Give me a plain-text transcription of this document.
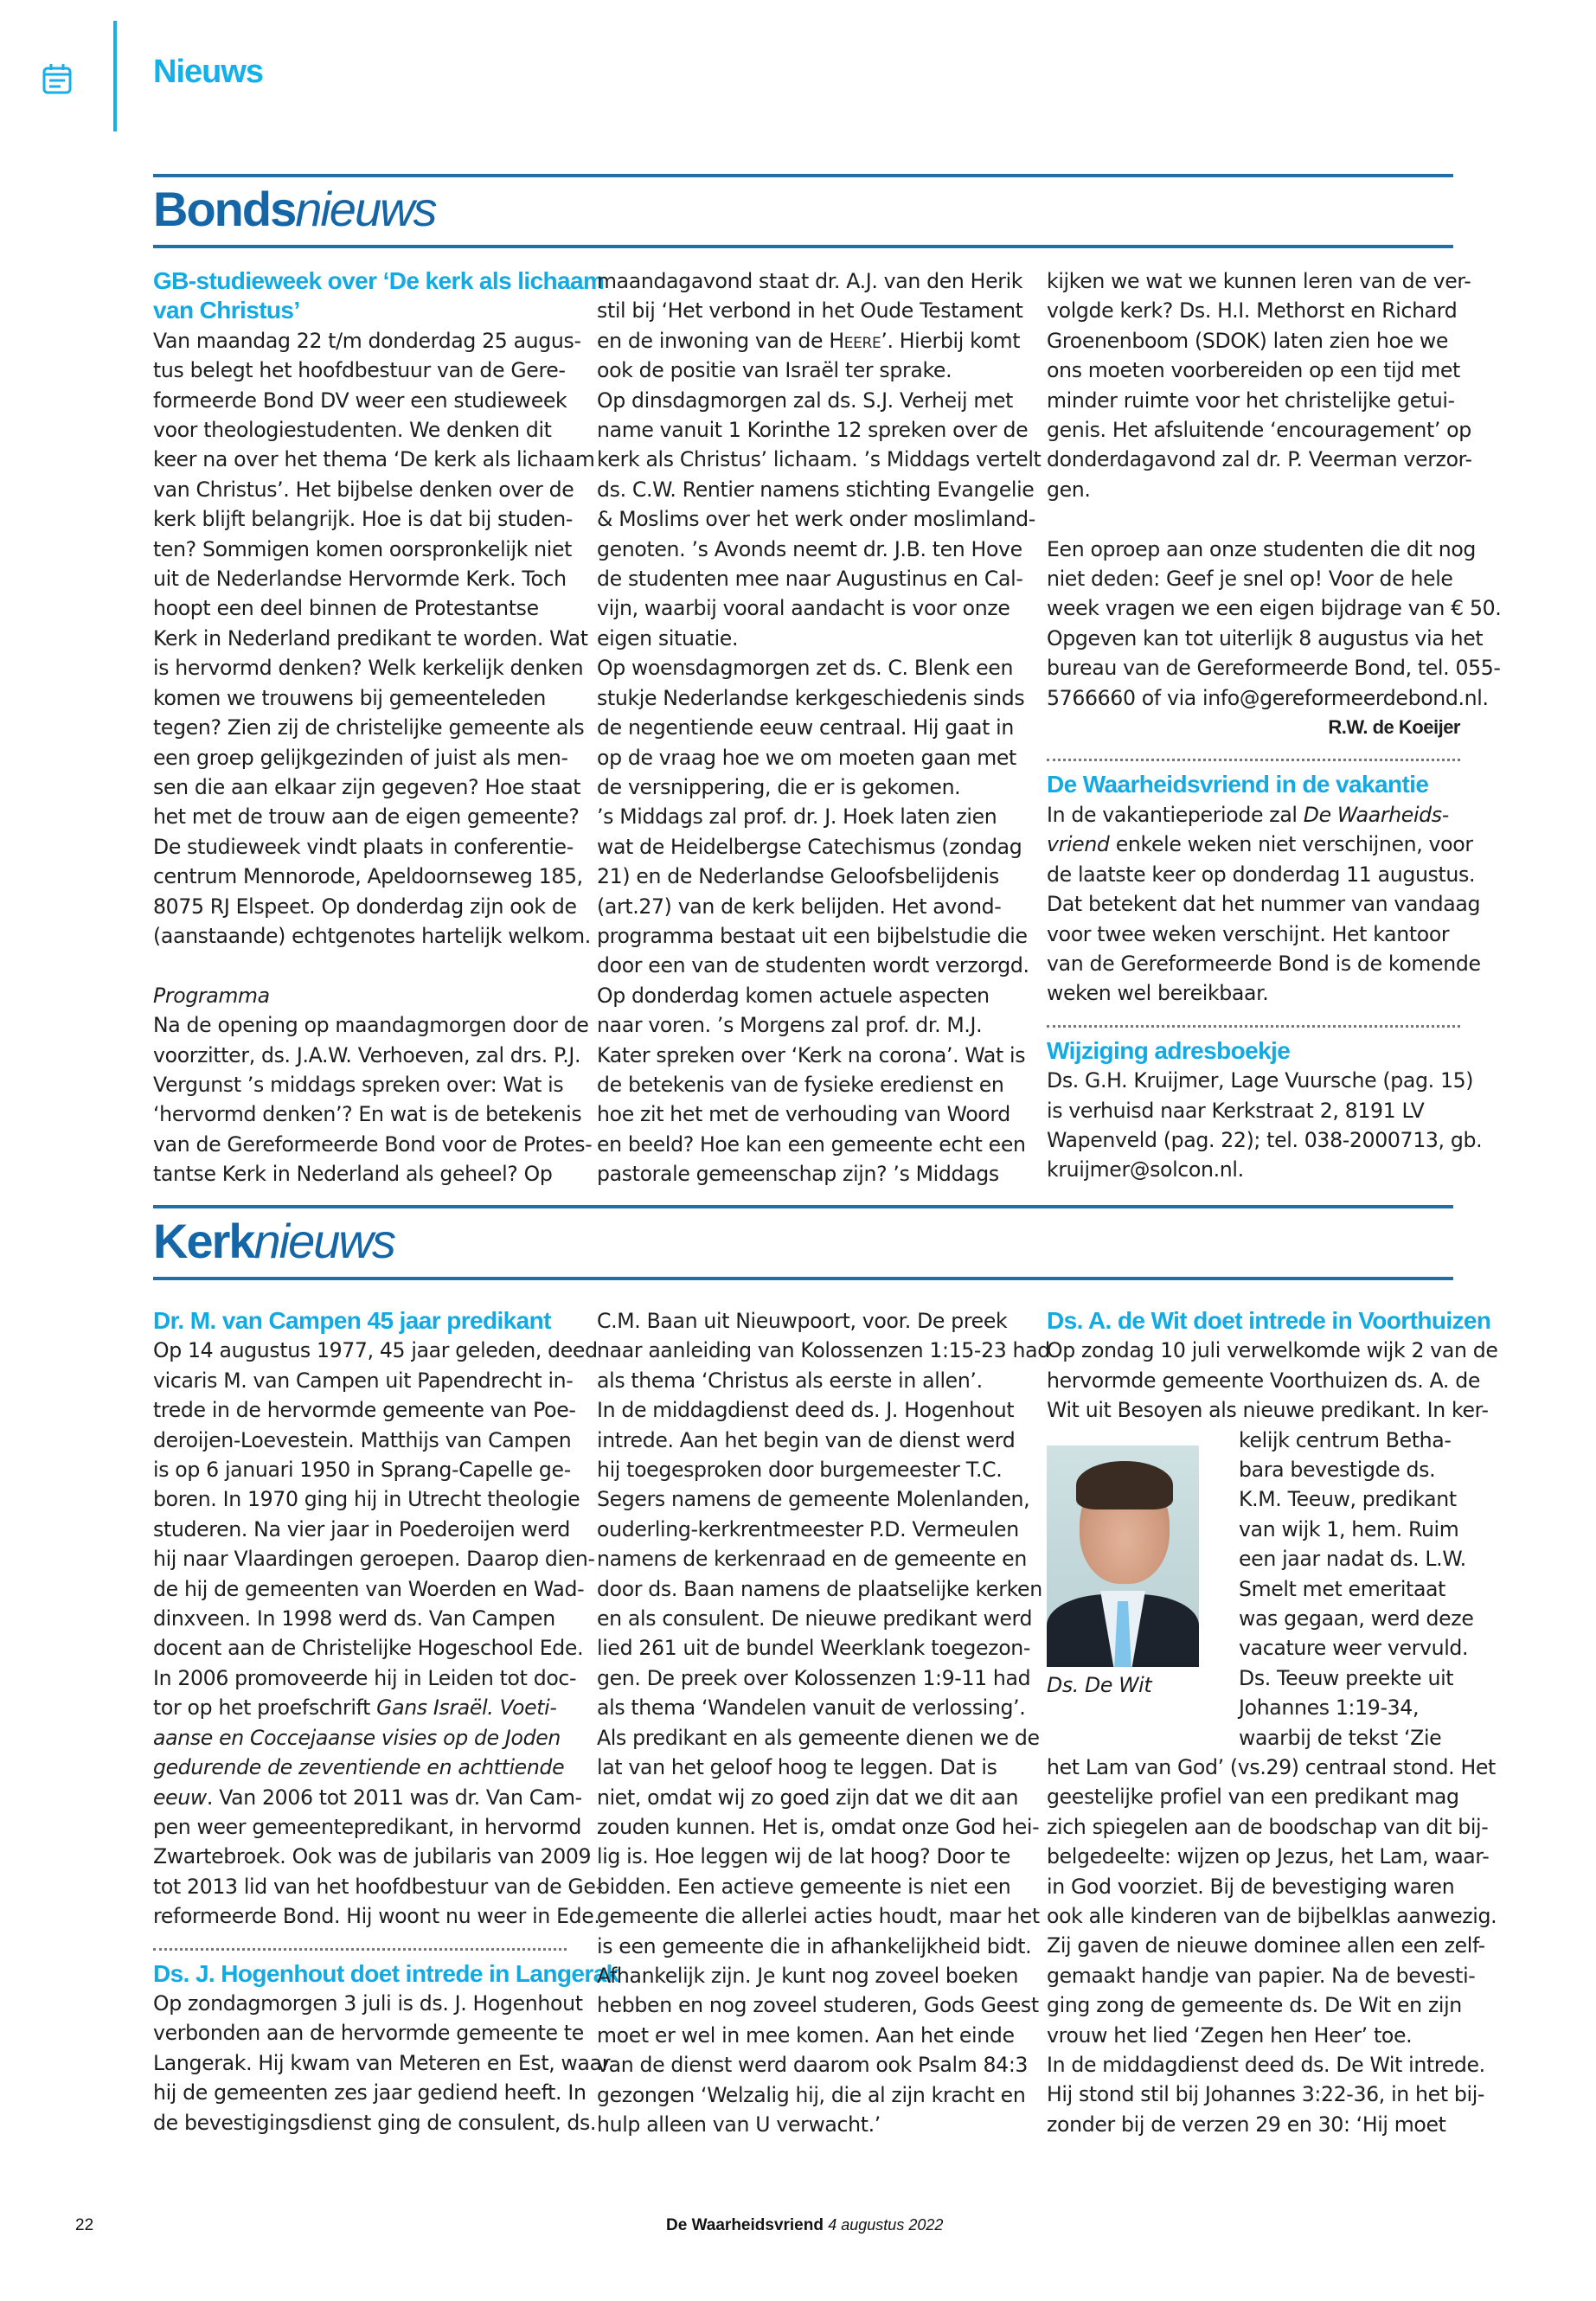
Nieuws
Bondsnieuws

GB-studieweek over ‘De kerk als lichaam

van Christus’

Van maandag 22 t/m donderdag 25 augus-

tus belegt het hoofdbestuur van de Gere-

formeerde Bond DV weer een studieweek

voor theologiestudenten. We denken dit

keer na over het thema ‘De kerk als lichaam

van Christus’. Het bijbelse denken over de

kerk blijft belangrijk. Hoe is dat bij studen-

ten? Sommigen komen oorspronkelijk niet

uit de Nederlandse Hervormde Kerk. Toch

hoopt een deel binnen de Protestantse

Kerk in Nederland predikant te worden. Wat

is hervormd denken? Welk kerkelijk denken

komen we trouwens bij gemeenteleden

tegen? Zien zij de christelijke gemeente als

een groep gelijkgezinden of juist als men-

sen die aan elkaar zijn gegeven? Hoe staat

het met de trouw aan de eigen gemeente?

De studieweek vindt plaats in conferentie-

centrum Mennorode, Apeldoornseweg 185,

8075 RJ Elspeet. Op donderdag zijn ook de

(aanstaande) echtgenotes hartelijk welkom.

Programma

Na de opening op maandagmorgen door de

voorzitter, ds. J.A.W. Verhoeven, zal drs. P.J.

Vergunst ’s middags spreken over: Wat is

‘hervormd denken’? En wat is de betekenis

van de Gereformeerde Bond voor de Protes-

tantse Kerk in Nederland als geheel? Op

maandagavond staat dr. A.J. van den Herik

stil bij ‘Het verbond in het Oude Testament

en de inwoning van de Heere’. Hierbij komt

ook de positie van Israël ter sprake.

Op dinsdagmorgen zal ds. S.J. Verheij met

name vanuit 1 Korinthe 12 spreken over de

kerk als Christus’ lichaam. ’s Middags vertelt

ds. C.W. Rentier namens stichting Evangelie

& Moslims over het werk onder moslimland-

genoten. ’s Avonds neemt dr. J.B. ten Hove

de studenten mee naar Augustinus en Cal-

vijn, waarbij vooral aandacht is voor onze

eigen situatie.

Op woensdagmorgen zet ds. C. Blenk een

stukje Nederlandse kerkgeschiedenis sinds

de negentiende eeuw centraal. Hij gaat in

op de vraag hoe we om moeten gaan met

de versnippering, die er is gekomen.

’s Middags zal prof. dr. J. Hoek laten zien

wat de Heidelbergse Catechismus (zondag

21) en de Nederlandse Geloofsbelijdenis

(art.27) van de kerk belijden. Het avond-

programma bestaat uit een bijbelstudie die

door een van de studenten wordt verzorgd.

Op donderdag komen actuele aspecten

naar voren. ’s Morgens zal prof. dr. M.J.

Kater spreken over ‘Kerk na corona’. Wat is

de betekenis van de fysieke eredienst en

hoe zit het met de verhouding van Woord

en beeld? Hoe kan een gemeente echt een

pastorale gemeenschap zijn? ’s Middags

kijken we wat we kunnen leren van de ver-

volgde kerk? Ds. H.I. Methorst en Richard

Groenenboom (SDOK) laten zien hoe we

ons moeten voorbereiden op een tijd met

minder ruimte voor het christelijke getui-

genis. Het afsluitende ‘encouragement’ op

donderdagavond zal dr. P. Veerman verzor-

gen.

Een oproep aan onze studenten die dit nog

niet deden: Geef je snel op! Voor de hele

week vragen we een eigen bijdrage van € 50.

Opgeven kan tot uiterlijk 8 augustus via het

bureau van de Gereformeerde Bond, tel. 055-

5766660 of via info@gereformeerdebond.nl.

R.W. de Koeijer

De Waarheidsvriend in de vakantie

In de vakantieperiode zal De Waarheids-

vriend enkele weken niet verschijnen, voor

de laatste keer op donderdag 11 augustus.

Dat betekent dat het nummer van vandaag

voor twee weken verschijnt. Het kantoor

van de Gereformeerde Bond is de komende

weken wel bereikbaar.

Wijziging adresboekje

Ds. G.H. Kruijmer, Lage Vuursche (pag. 15)

is verhuisd naar Kerkstraat 2, 8191 LV

Wapenveld (pag. 22); tel. 038-2000713, gb.

kruijmer@solcon.nl.

Kerknieuws

Dr. M. van Campen 45 jaar predikant

Op 14 augustus 1977, 45 jaar geleden, deed

vicaris M. van Campen uit Papendrecht in-

trede in de hervormde gemeente van Poe-

deroijen-Loevestein. Matthijs van Campen

is op 6 januari 1950 in Sprang-Capelle ge-

boren. In 1970 ging hij in Utrecht theologie

studeren. Na vier jaar in Poederoijen werd

hij naar Vlaardingen geroepen. Daarop dien-

de hij de gemeenten van Woerden en Wad-

dinxveen. In 1998 werd ds. Van Campen

docent aan de Christelijke Hogeschool Ede.

In 2006 promoveerde hij in Leiden tot doc-

tor op het proefschrift Gans Israël. Voeti-

aanse en Coccejaanse visies op de Joden

gedurende de zeventiende en achttiende

eeuw. Van 2006 tot 2011 was dr. Van Cam-

pen weer gemeentepredikant, in hervormd

Zwartebroek. Ook was de jubilaris van 2009

tot 2013 lid van het hoofdbestuur van de Ge-

reformeerde Bond. Hij woont nu weer in Ede.

Ds. J. Hogenhout doet intrede in Langerak

Op zondagmorgen 3 juli is ds. J. Hogenhout

verbonden aan de hervormde gemeente te

Langerak. Hij kwam van Meteren en Est, waar

hij de gemeenten zes jaar gediend heeft. In

de bevestigingsdienst ging de consulent, ds.

C.M. Baan uit Nieuwpoort, voor. De preek

naar aanleiding van Kolossenzen 1:15-23 had

als thema ‘Christus als eerste in allen’.

In de middagdienst deed ds. J. Hogenhout

intrede. Aan het begin van de dienst werd

hij toegesproken door burgemeester T.C.

Segers namens de gemeente Molenlanden,

ouderling-kerkrentmeester P.D. Vermeulen

namens de kerkenraad en de gemeente en

door ds. Baan namens de plaatselijke kerken

en als consulent. De nieuwe predikant werd

lied 261 uit de bundel Weerklank toegezon-

gen. De preek over Kolossenzen 1:9-11 had

als thema ‘Wandelen vanuit de verlossing’.

Als predikant en als gemeente dienen we de

lat van het geloof hoog te leggen. Dat is

niet, omdat wij zo goed zijn dat we dit aan

zouden kunnen. Het is, omdat onze God hei-

lig is. Hoe leggen wij de lat hoog? Door te

bidden. Een actieve gemeente is niet een

gemeente die allerlei acties houdt, maar het

is een gemeente die in afhankelijkheid bidt.

Afhankelijk zijn. Je kunt nog zoveel boeken

hebben en nog zoveel studeren, Gods Geest

moet er wel in mee komen. Aan het einde

van de dienst werd daarom ook Psalm 84:3

gezongen ‘Welzalig hij, die al zijn kracht en

hulp alleen van U verwacht.’

Ds. A. de Wit doet intrede in Voorthuizen

Op zondag 10 juli verwelkomde wijk 2 van de

hervormde gemeente Voorthuizen ds. A. de

Wit uit Besoyen als nieuwe predikant. In ker-

Ds. De Wit

kelijk centrum Betha-

bara bevestigde ds.

K.M. Teeuw, predikant

van wijk 1, hem. Ruim

een jaar nadat ds. L.W.

Smelt met emeritaat

was gegaan, werd deze

vacature weer vervuld.

Ds. Teeuw preekte uit

Johannes 1:19-34,

waarbij de tekst ‘Zie

het Lam van God’ (vs.29) centraal stond. Het

geestelijke profiel van een predikant mag

zich spiegelen aan de boodschap van dit bij-

belgedeelte: wijzen op Jezus, het Lam, waar-

in God voorziet. Bij de bevestiging waren

ook alle kinderen van de bijbelklas aanwezig.

Zij gaven de nieuwe dominee allen een zelf-

gemaakt handje van papier. Na de bevesti-

ging zong de gemeente ds. De Wit en zijn

vrouw het lied ‘Zegen hen Heer’ toe.

In de middagdienst deed ds. De Wit intrede.

Hij stond stil bij Johannes 3:22-36, in het bij-

zonder bij de verzen 29 en 30: ‘Hij moet

22	De Waarheidsvriend 4 augustus 2022
